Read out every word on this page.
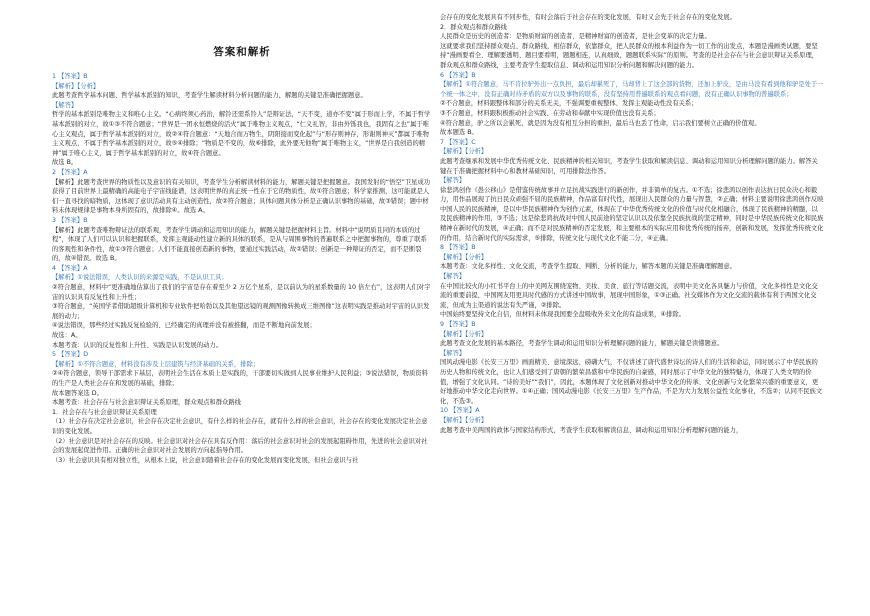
答案和解析

1 【答案】B

【解析】【分析】

此题考查哲学基本问题、哲学基本派别的知识，考查学生解读材料分析问题的能力，解题的关键是准确把握题意。

【解答】

哲学的基本派别是唯物主义和唯心主义。“心病终须心药治，解铃还需系铃人”是辩证法，“天不变，道亦不变”属于形而上学，不属于哲学基本派别的对立，故①③不符合题意；“世界是一团永恒燃烧的活火”属于唯物主义观点，“仁义礼智，非由外铄我也，我固有之也”属于唯心主义观点，属于哲学基本派别的对立，故②④符合题意：“天地合而万物生，阴阳接而变化起”与“形存则神存，形谢则神灭”都属于唯物主义观点，不属于哲学基本派别的对立，故⑤④排除；“物质是不变的，故⑥排除，此外要无他物”属于唯物主义，“世界是自我创造的精神”属于唯心主义，属于哲学基本派别的对立，故④符合题意。

故选 B。

2 【答案】A

【解析】此题考查世界的物质性以及意识的有关知识，考查学生分析解读材料的能力，解题关键是把握题意。我国发射的“悟空”卫星成功获得了目前世界上最精确的高能电子宇宙线能谱，这表明世界的真正统一性在于它的物质性，故①符合题意；科学家推测，这可能就是人们一直寻找的暗物质，这体现了意识活动具有主动创造性，故②符合题意；具体问题具体分析是正确认识事物的基础，故③错误；题中材料未体现规律是事物本身所固有的，故排除④。故选 A。

3 【答案】B

【解析】此题考查唯物辩证法的联系观，考查学生调动和运用知识的能力，解题关键是把握材料主旨。材料中“说明质且同的本质的过程”，体现了人们可以认识和把握联系，发挥主观能动性建立新的具体的联系，是从与周围事物的普遍联系之中把握事物的，尊重了联系的客观性和条件性，故①③符合题意；人们不能直接创造新的事物，要通过实践活动，故②错误；创新是一种辩证的否定，而不是断裂的，故④错误。故选 B。

4 【答案】A

【解析】①说法错误，人类认识的来源是实践，不是认识工具；

②符合题意，材料中“更准确地估算出了我们的宇宙是存在着至少 2 万亿个星系，是以前认为的星系数量的 10 倍左右”，这表明人们对宇宙的认识具有反复性和上升性；

③符合题意，“英国学者借助超级计算机和专业软件把哈勃以及其他望远镜的观测图像转换成三维图像”这表明实践是推动对宇宙的认识发展的动力；

④说法错误，那些经过实践反复检验的、已经确定的真理并没有被推翻，而是不断地向前发展；

故选：A。

本题考查：认识的反复性和上升性、实践是认识发展的动力。

5 【答案】D

【解析】①不符合题意，材料没有涉及上层建筑与经济基础的关系，排除；

②④符合题意，领导干部需求下基层，表明社会生活在本质上是实践的，干部要切实做到人民事业维护人民利益；③说法错误，物质资料的生产是人类社会存在和发展的基础，排除；

故本题答案选 D。

本题考查：社会存在与社会意识辩证关系原理，群众观点和群众路线

1．社会存在与社会意识辩证关系原理

（1）社会存在决定社会意识，社会存在决定社会意识，有什么样的社会存在，就有什么样的社会意识，社会存在的变化发展决定社会意识的变化发展。

（2）社会意识是对社会存在的反映。社会意识对社会存在具有反作用：落后的社会意识对社会的发展起阻碍作用，先进的社会意识对社会的发展起促进作用。正确的社会意识对社会发展的方向起指导作用。

（3）社会意识具有相对独立性，从根本上说，社会意识随着社会存在的变化发展而变化发展，但社会意识与社

会存在的变化发展具有不同步性，有时会落后于社会存在的变化发展，有时又会先于社会存在的变化发展。

2．群众观点和群众路线

人民群众是历史的创造者：是物质财富的创造者，是精神财富的创造者，是社会变革的决定力量。

这就要求我们坚持群众观点、群众路线，相信群众，依靠群众，把人民群众的根本利益作为一切工作的出发点，本题是漫画类试题，要坚持“漫画要看全、理解要透明、题目要看明，题题相连，认真细致，题题联系实际”的原则。考查的是社会存在与社会意识辩证关系原理，群众观点和群众路线，主要考查学生提取信息、调动和运用知识分析问题和解决问题的能力。

6 【答案】B

【解析】①符合题意，马不肯拉驴外出一点负担，最后却累死了，马却背上了这全部的货物，还加上驴皮，是由马没有看到他和驴是处于一个统一体之中，没有正确对待矛盾的双方以及事物的联系，没有坚持用普遍联系的观点看问题，没有正确认识事物的普遍联系；

②不合题意，材料跟整体和部分的关系无关，不强调要重视整体、发挥主观能动性没有关系；

③不合题意，材料跟积极推动社会实践、在劳动和奉献中实现价值也没有关系；

④符合题意，驴之所以会累死，就是因为没有相互分担的重担，最后马也丢了性命，启示我们要树立正确的价值观。

故本题选 B。

7 【答案】C

【解析】【分析】

此题考查继承和发展中华优秀传统文化、民族精神的相关知识，考查学生获取和解读信息、调动和运用知识分析理解问题的能力。解答关键在于准确把握材料中心和教材基础知识，可用排除法作答。

【解答】

徐悲鸿创作《愚公移山》是借鉴传统故事并立足抗战实践进行的新创作，并非简单的复古。①不选；徐悲鸿以创作表达抗日民众决心和毅力，用作品展现了抗日民众顽强不屈的民族精神，作品富有时代性，展现出人民群众的力量与智慧，②正确；材料主要说明徐悲鸿创作反映中国人民的民族精神，是以中华民族精神作为创作元素，体现在了中华优秀传统文化的价值与时代化相融合，体现了民族精神的精髓，以及民族精神的作用，③不选；这是徐悲鸿抗战对中国人民前途的坚定认识以及依靠全民族抗战的坚定精神，同时是中华民族传统文化和民族精神在新时代的发展，④正确；而不是对民族精神的否定发展，和主要根本的实际应用和优秀传统的扬弃，创新和发展，发挥优秀传统文化的作用，结合新时代的实际需求，⑤排除，传统文化与现代文化不能二分，④正确。

8 【答案】B

【解析】【分析】

本题考查：文化多样性、文化交流，考查学生提取、判断、分析的能力，解答本题的关键是准确理解题意。

【解答】

在中国比较火的小红书平台上的中美网友围绕宠物、美妆、美食、旅行等话题交流，表明中美文化各具魅力与价值，文化多样性是文化交流的重要前提，中国网友用更具时代感的方式讲述中国故事，展现中国形象，①③正确。社交媒体作为文化交流的载体有利于两国文化交流，但成为主渠道的说法有失严谨，②排除。

中国始终要坚持文化自信，但材料未体现我国要全盘吸收外来文化的有益成果，④排除。

9 【答案】B

【解析】【分析】

此题考查文化发展的基本路径，考查学生调动和运用知识分析理解问题的能力，解题关键是读懂题意。

【解答】

国风动漫电影《长安三万里》画面精美、意境深远、磅礴大气，不仅讲述了唐代盛世诗坛的诗人们的生活和命运，同时展示了中华民族的历史人物和传统文化，也让人们感受到了唐朝的繁荣昌盛和中华民族的自豪感，同时展示了中华文化的独特魅力，体现了人类文明的价值，增强了文化认同。“诗的美好”“我们”，因此，本题体现了文化创新对推动中华文化的传承、文化创新与文化繁荣兴盛的重要意义，更好地推动中华文化走向世界。①④正确；国风动漫电影《长安三万里》生产作品，不是为大力发展公益性文化事业，不选②；认同不民族文化，不选③。

10 【答案】A

【解析】【分析】

此题考查中美两国的政体与国家结构形式，考查学生获取和解读信息、调动和运用知识分析理解问题的能力，
